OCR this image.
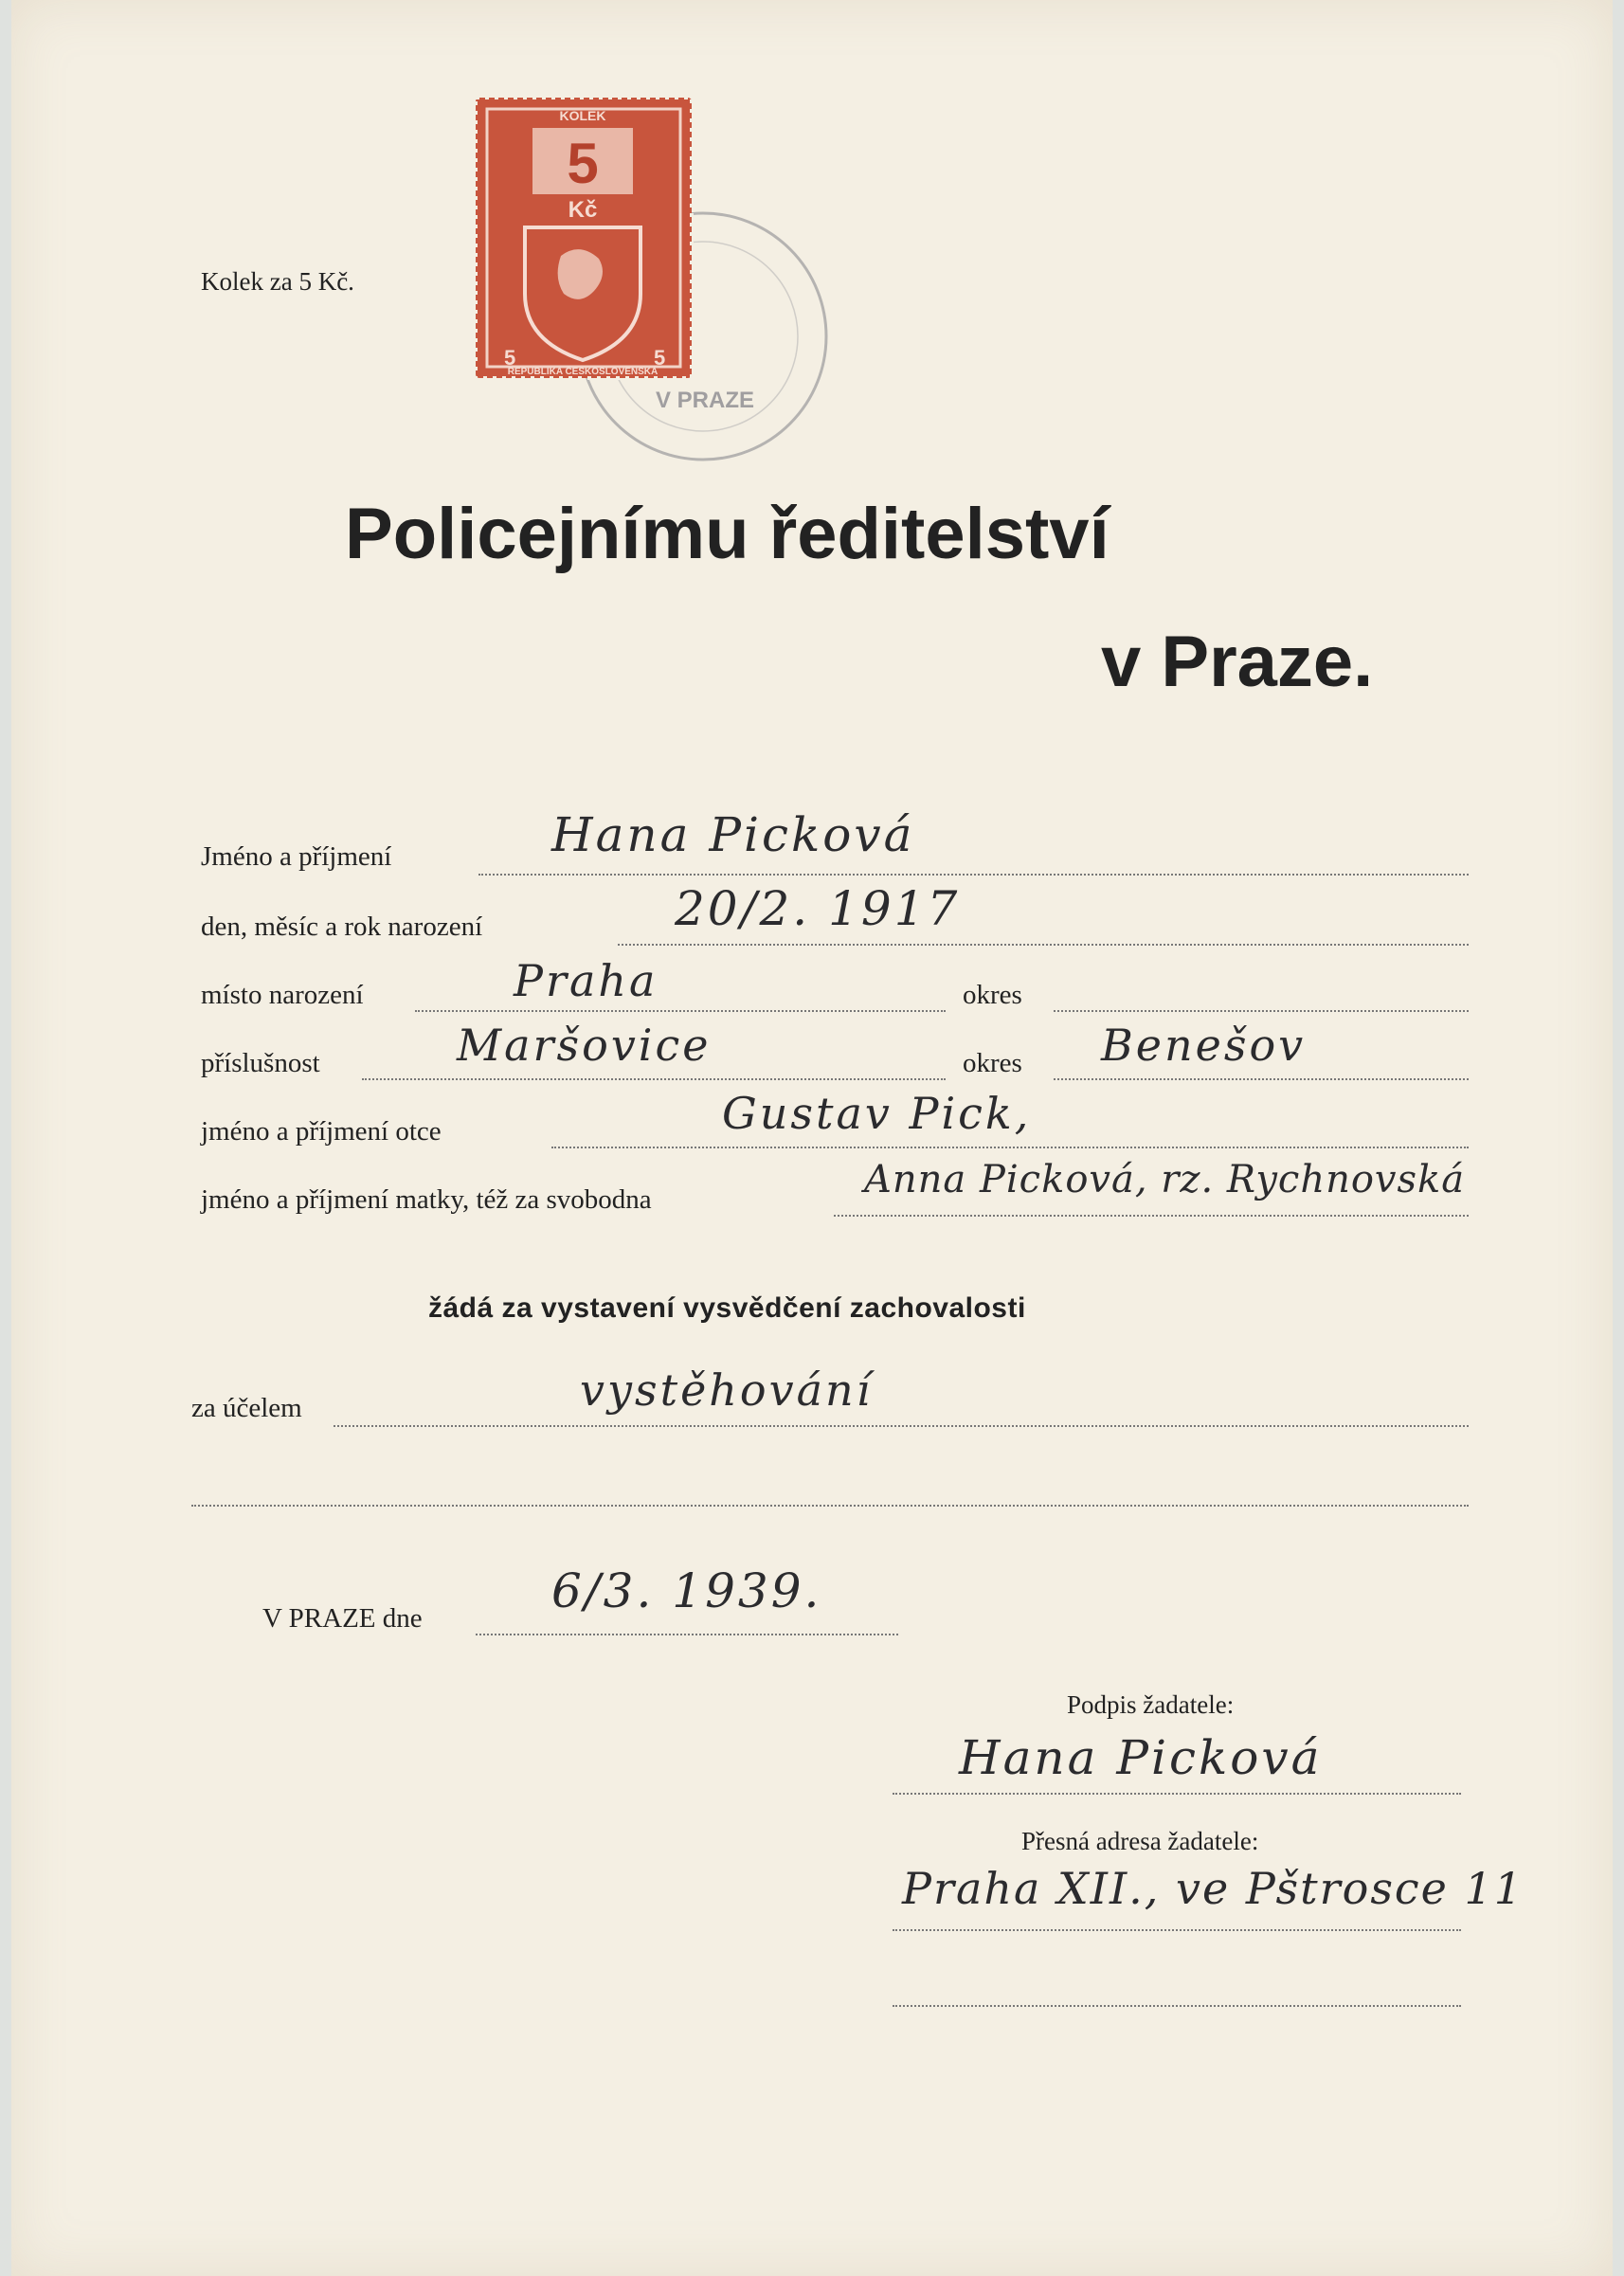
Kolek za 5 Kč.
5
KOLEK
Kč
REPUBLIKA ČESKOSLOVENSKÁ
5	5
V PRAZE
Policejnímu ředitelství
v Praze.
Jméno a příjmení	Hana Picková
den, měsíc a rok narození	20/2. 1917
místo narození	Praha	okres
příslušnost	Maršovice	okres Benešov
jméno a příjmení otce	Gustav Pick,
jméno a příjmení matky, též za svobodna	Anna Picková, rz. Rychnovská
žádá za vystavení vysvědčení zachovalosti
za účelem	vystěhování
V PRAZE dne	6/3. 1939.
Podpis žadatele:
Hana Picková
Přesná adresa žadatele:
Praha XII., ve Pštrosce 11
